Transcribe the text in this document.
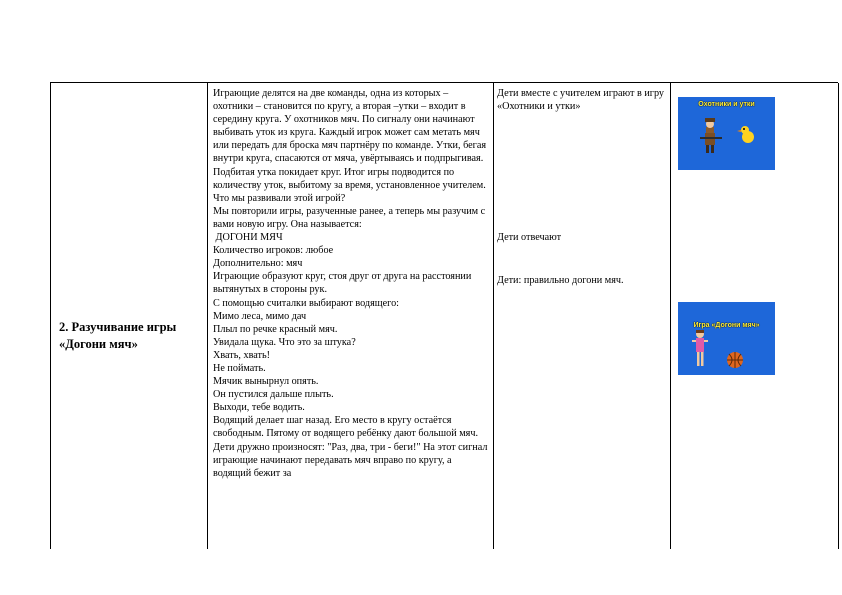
2. Разучивание игры «Догони мяч»
Играющие делятся на две команды, одна из которых – охотники – становится по кругу, а вторая –утки – входит в середину круга. У охотников мяч. По сигналу они начинают выбивать уток из круга. Каждый игрок может сам метать мяч или передать для броска мяч партнёру по команде. Утки, бегая внутри круга, спасаются от мяча, увёртываясь и подпрыгивая. Подбитая утка покидает круг. Итог игры подводится по количеству уток, выбитому за время, установленное учителем.
Что мы развивали этой игрой?
Мы повторили игры, разученные ранее, а теперь мы разучим с вами новую игру. Она называется:
ДОГОНИ МЯЧ
Количество игроков: любое
Дополнительно: мяч
Играющие образуют круг, стоя друг от друга на расстоянии вытянутых в стороны рук.
С помощью считалки выбирают водящего:
Мимо леса, мимо дач
Плыл по речке красный мяч.
Увидала щука. Что это за штука?
Хвать, хвать!
Не поймать.
Мячик вынырнул опять.
Он пустился дальше плыть.
Выходи, тебе водить.
Водящий делает шаг назад. Его место в кругу остаётся свободным. Пятому от водящего ребёнку дают большой мяч. Дети дружно произносят: "Раз, два, три - беги!" На этот сигнал играющие начинают передавать мяч вправо по кругу, а водящий бежит за
Дети вместе с учителем играют в игру «Охотники и утки»
Дети отвечают
Дети: правильно догони мяч.
Охотники и утки
Игра «Догони мяч»
